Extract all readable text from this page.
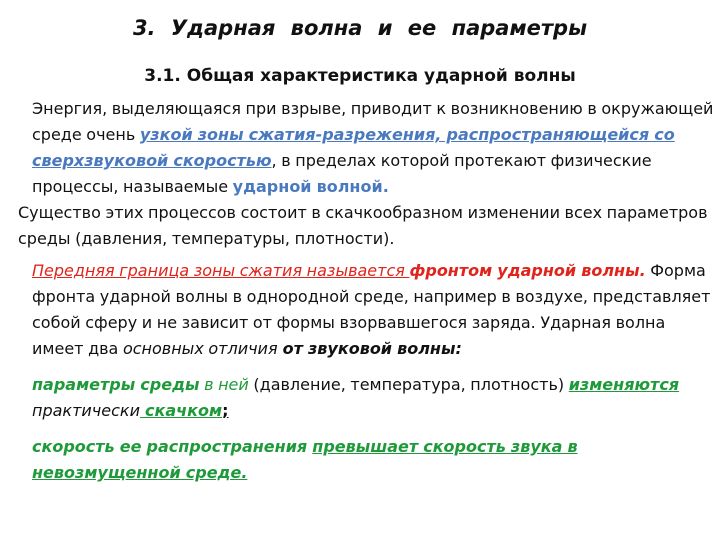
3. Ударная волна и ее параметры
3.1. Общая характеристика ударной волны

Энергия, выделяющаяся при взрыве, приводит к возникновению в окружающей среде очень узкой зоны сжатия-разрежения, распространяющейся со сверхзвуковой скоростью, в пределах которой протекают физические процессы, называемые ударной волной.

Существо этих процессов состоит в скачкообразном изменении всех параметров среды (давления, температуры, плотности).

Передняя граница зоны сжатия называется фронтом ударной волны. Форма фронта ударной волны в однородной среде, например в воздухе, представляет собой сферу и не зависит от формы взорвавшегося заряда. Ударная волна имеет два основных отличия от звуковой волны:

параметры среды в ней (давление, температура, плотность) изменяются практически скачком;

скорость ее распространения превышает скорость звука в невозмущенной среде.
